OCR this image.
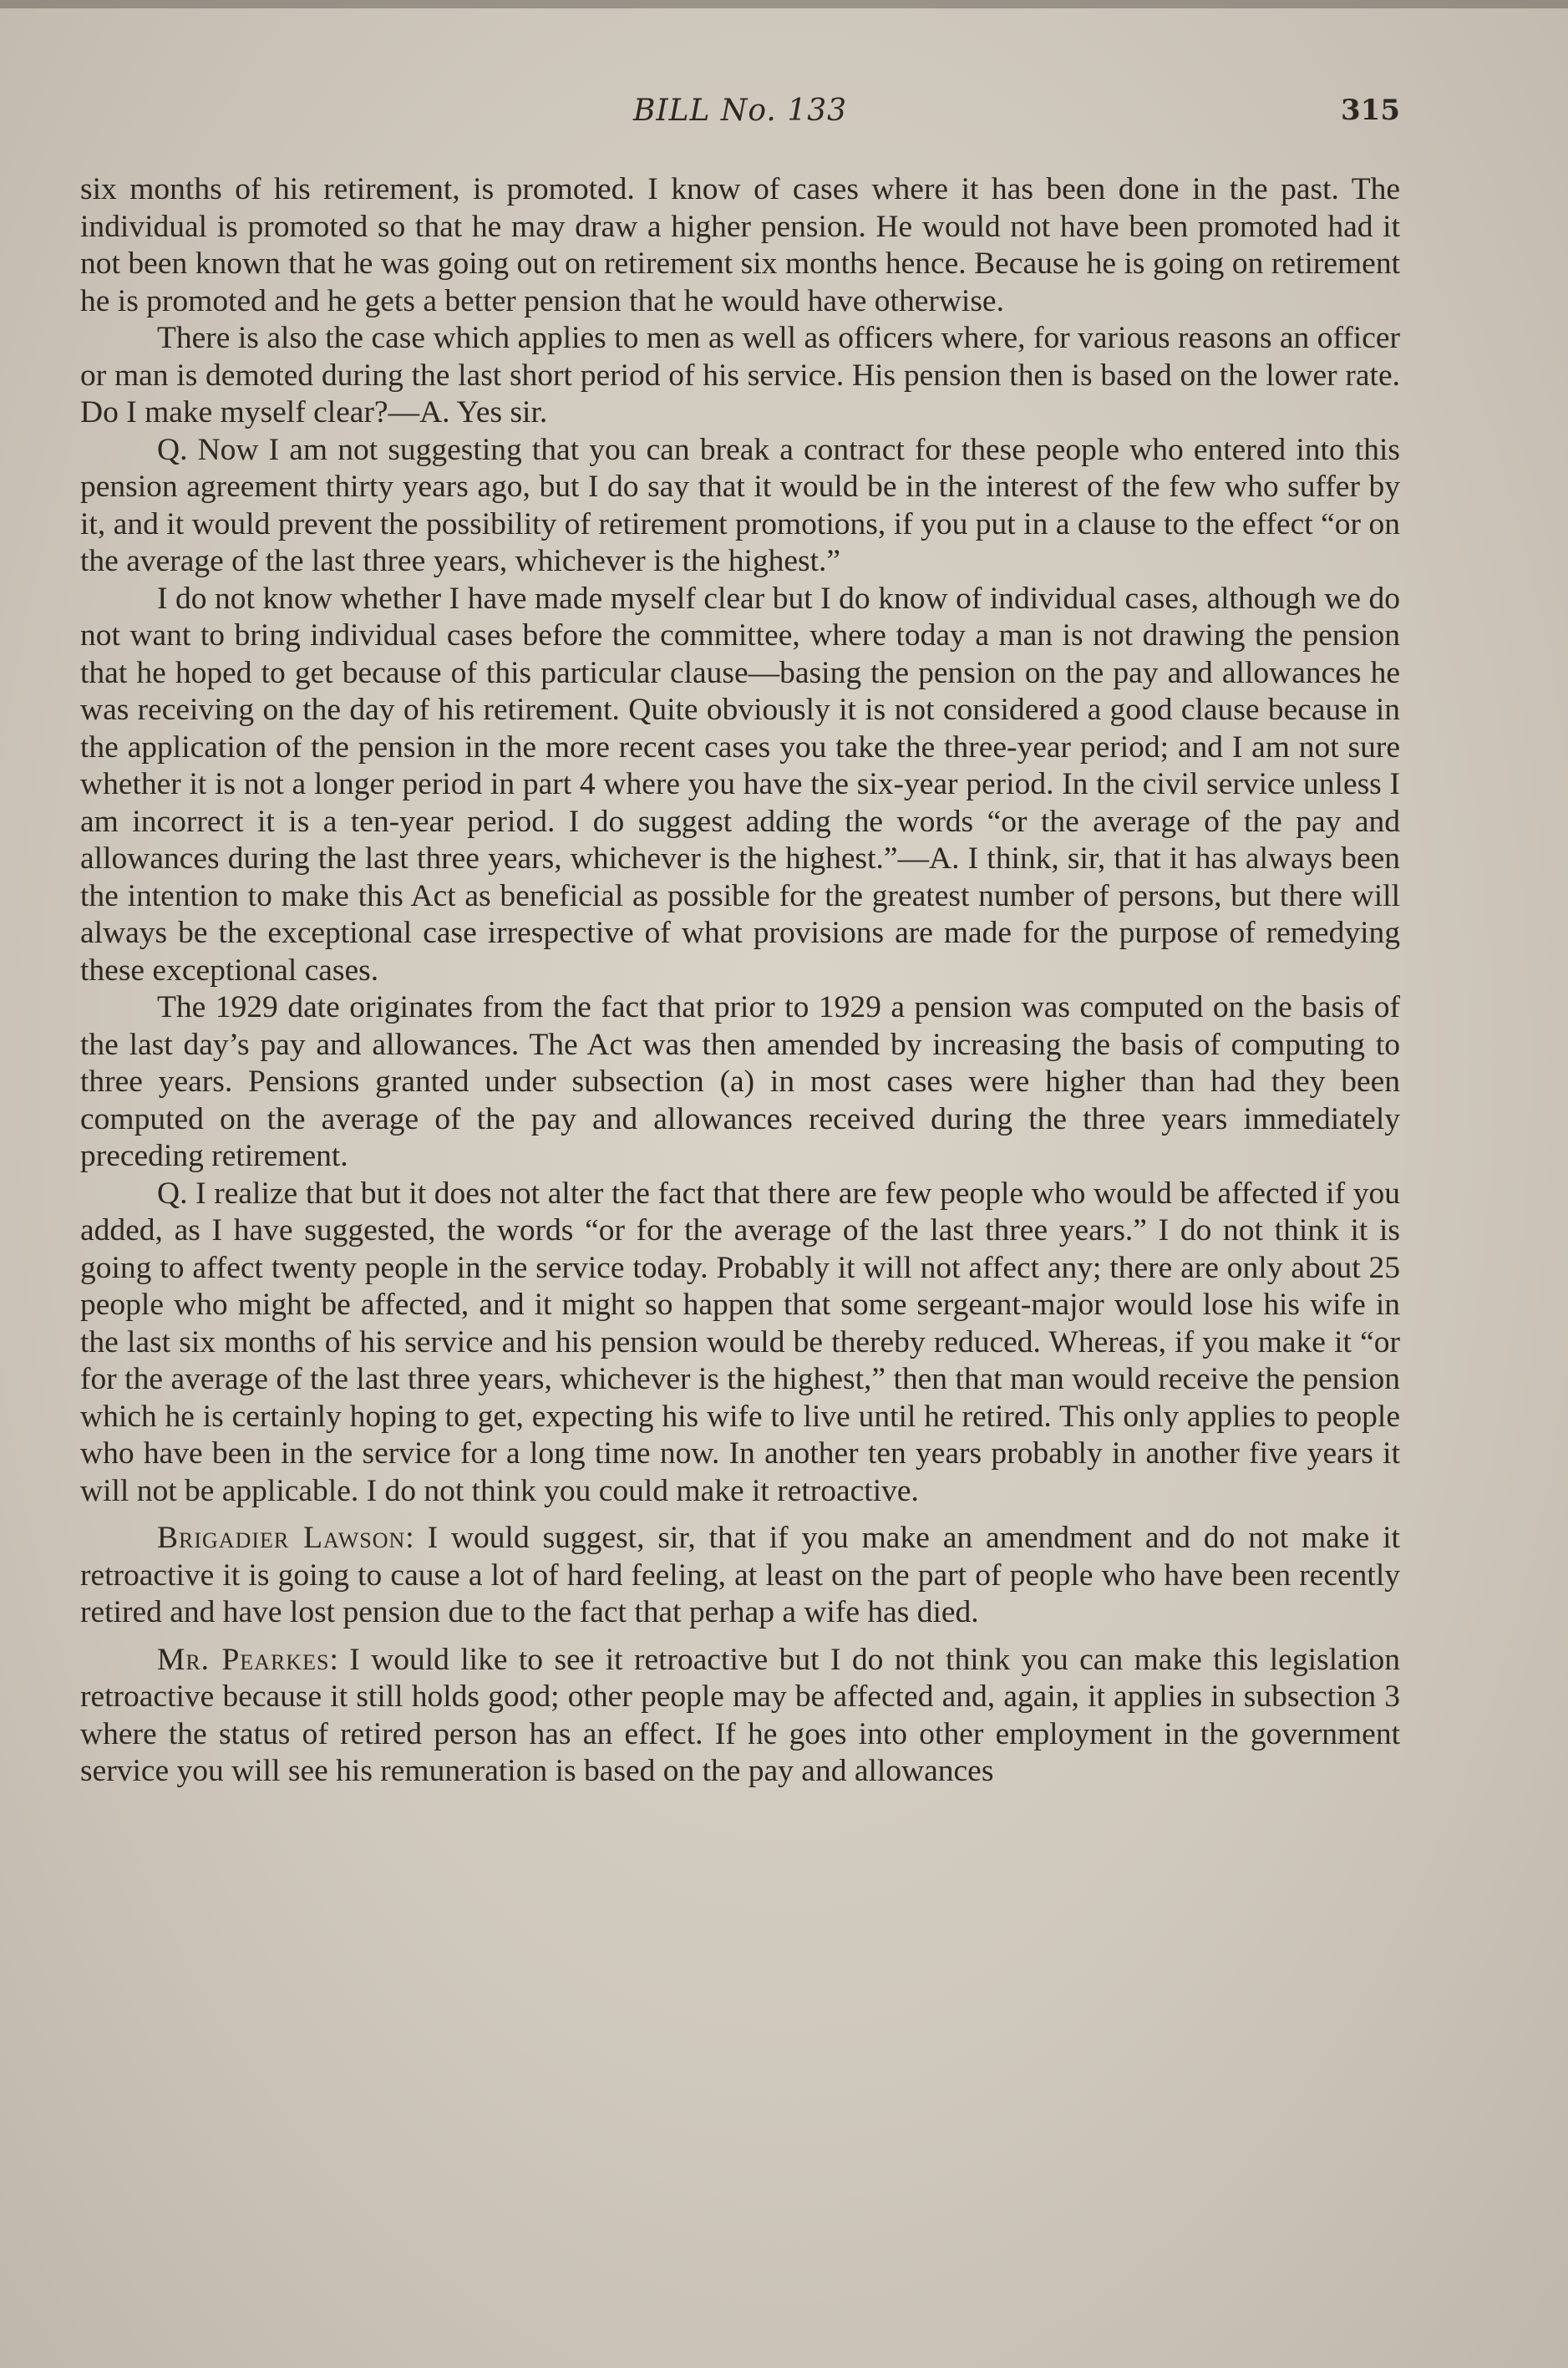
BILL No. 133	315

six months of his retirement, is promoted. I know of cases where it has been done in the past. The individual is promoted so that he may draw a higher pension. He would not have been promoted had it not been known that he was going out on retirement six months hence. Because he is going on retirement he is promoted and he gets a better pension that he would have otherwise.

There is also the case which applies to men as well as officers where, for various reasons an officer or man is demoted during the last short period of his service. His pension then is based on the lower rate. Do I make myself clear?—A. Yes sir.

Q. Now I am not suggesting that you can break a contract for these people who entered into this pension agreement thirty years ago, but I do say that it would be in the interest of the few who suffer by it, and it would prevent the possibility of retirement promotions, if you put in a clause to the effect “or on the average of the last three years, whichever is the highest.”

I do not know whether I have made myself clear but I do know of individual cases, although we do not want to bring individual cases before the committee, where today a man is not drawing the pension that he hoped to get because of this particular clause—basing the pension on the pay and allowances he was receiving on the day of his retirement. Quite obviously it is not considered a good clause because in the application of the pension in the more recent cases you take the three-year period; and I am not sure whether it is not a longer period in part 4 where you have the six-year period. In the civil service unless I am incorrect it is a ten-year period. I do suggest adding the words “or the average of the pay and allowances during the last three years, whichever is the highest.”—A. I think, sir, that it has always been the intention to make this Act as beneficial as possible for the greatest number of persons, but there will always be the exceptional case irrespective of what provisions are made for the purpose of remedying these exceptional cases.

The 1929 date originates from the fact that prior to 1929 a pension was computed on the basis of the last day’s pay and allowances. The Act was then amended by increasing the basis of computing to three years. Pensions granted under subsection (a) in most cases were higher than had they been computed on the average of the pay and allowances received during the three years immediately preceding retirement.

Q. I realize that but it does not alter the fact that there are few people who would be affected if you added, as I have suggested, the words “or for the average of the last three years.” I do not think it is going to affect twenty people in the service today. Probably it will not affect any; there are only about 25 people who might be affected, and it might so happen that some sergeant-major would lose his wife in the last six months of his service and his pension would be thereby reduced. Whereas, if you make it “or for the average of the last three years, whichever is the highest,” then that man would receive the pension which he is certainly hoping to get, expecting his wife to live until he retired. This only applies to people who have been in the service for a long time now. In another ten years probably in another five years it will not be applicable. I do not think you could make it retroactive.

Brigadier Lawson: I would suggest, sir, that if you make an amendment and do not make it retroactive it is going to cause a lot of hard feeling, at least on the part of people who have been recently retired and have lost pension due to the fact that perhap a wife has died.

Mr. Pearkes: I would like to see it retroactive but I do not think you can make this legislation retroactive because it still holds good; other people may be affected and, again, it applies in subsection 3 where the status of retired person has an effect. If he goes into other employment in the government service you will see his remuneration is based on the pay and allowances
